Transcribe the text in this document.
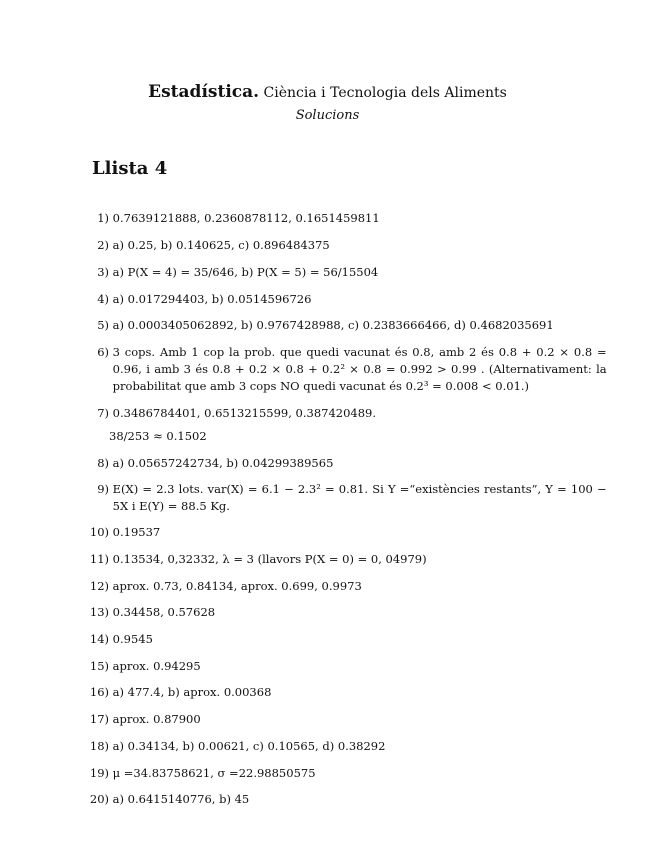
Estadística. Ciència i Tecnologia dels Aliments
Solucions
Llista 4
1) 0.7639121888, 0.2360878112, 0.1651459811
2) a) 0.25, b) 0.140625, c) 0.896484375
3) a) P(X = 4) = 35/646, b) P(X = 5) = 56/15504
4) a) 0.017294403, b) 0.0514596726
5) a) 0.0003405062892, b) 0.9767428988, c) 0.2383666466, d) 0.4682035691
6) 3 cops. Amb 1 cop la prob. que quedi vacunat és 0.8, amb 2 és 0.8 + 0.2 × 0.8 = 0.96, i amb 3 és 0.8 + 0.2 × 0.8 + 0.2² × 0.8 = 0.992 > 0.99 . (Alternativament: la probabilitat que amb 3 cops NO quedi vacunat és 0.2³ = 0.008 < 0.01.)
7) 0.3486784401, 0.6513215599, 0.387420489.
38/253 ≈ 0.1502
8) a) 0.05657242734, b) 0.04299389565
9) E(X) = 2.3 lots. var(X) = 6.1 − 2.3² = 0.81. Si Y =“existències restants”, Y = 100 − 5X i E(Y) = 88.5 Kg.
10) 0.19537
11) 0.13534, 0,32332, λ = 3 (llavors P(X = 0) = 0, 04979)
12) aprox. 0.73, 0.84134, aprox. 0.699, 0.9973
13) 0.34458, 0.57628
14) 0.9545
15) aprox. 0.94295
16) a) 477.4, b) aprox. 0.00368
17) aprox. 0.87900
18) a) 0.34134, b) 0.00621, c) 0.10565, d) 0.38292
19) μ =34.83758621, σ =22.98850575
20) a) 0.6415140776, b) 45
